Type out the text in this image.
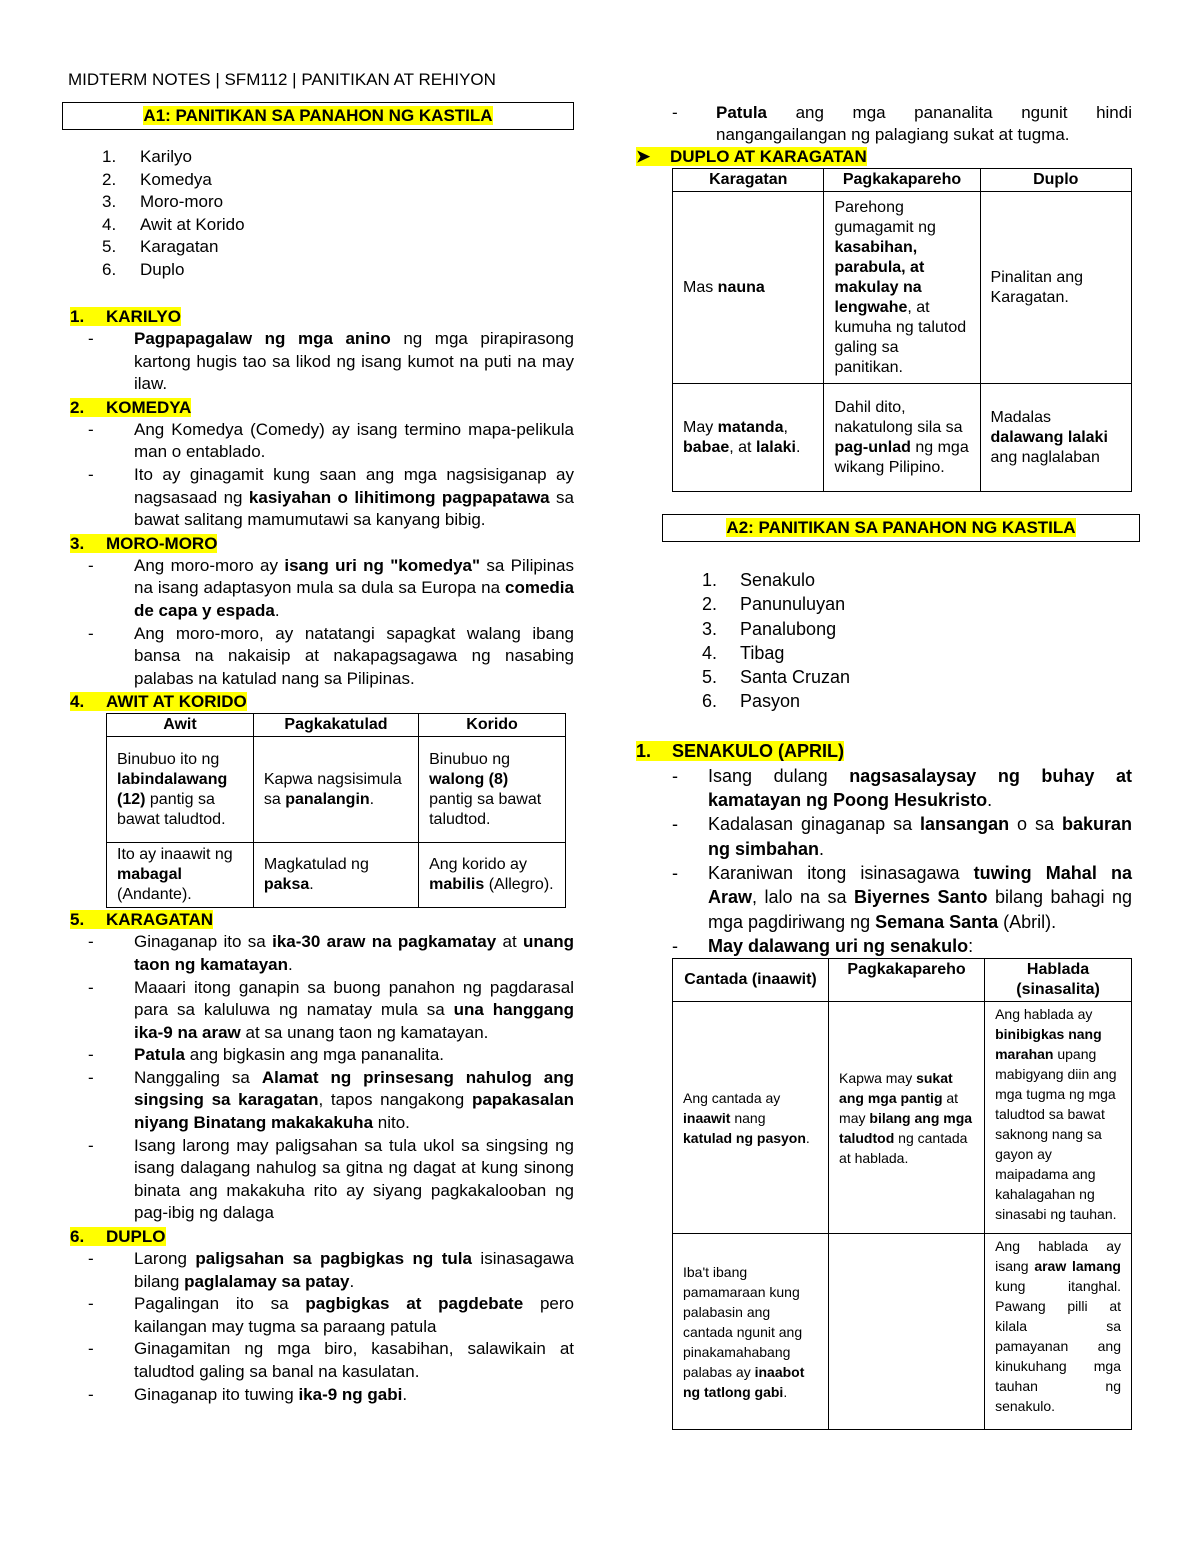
MIDTERM NOTES | SFM112 | PANITIKAN AT REHIYON
A1: PANITIKAN SA PANAHON NG KASTILA
1. Karilyo
2. Komedya
3. Moro-moro
4. Awit at Korido
5. Karagatan
6. Duplo
1. KARILYO
-	Pagpapagalaw ng mga anino ng mga pirapirasong kartong hugis tao sa likod ng isang kumot na puti na may ilaw.
2. KOMEDYA
-	Ang Komedya (Comedy) ay isang termino mapa-pelikula man o entablado.
-	Ito ay ginagamit kung saan ang mga nagsisiganap ay nagsasaad ng kasiyahan o lihitimong pagpapatawa sa bawat salitang mamumutawi sa kanyang bibig.
3. MORO-MORO
-	Ang moro-moro ay isang uri ng "komedya" sa Pilipinas na isang adaptasyon mula sa dula sa Europa na comedia de capa y espada.
-	Ang moro-moro, ay natatangi sapagkat walang ibang bansa na nakaisip at nakapagsagawa ng nasabing palabas na katulad nang sa Pilipinas.
4. AWIT AT KORIDO
Awit	Pagkakatulad	Korido
Binubuo ito ng labindalawang (12) pantig sa bawat taludtod.	Kapwa nagsisimula sa panalangin.	Binubuo ng walong (8) pantig sa bawat taludtod.
Ito ay inaawit ng mabagal (Andante).	Magkatulad ng paksa.	Ang korido ay mabilis (Allegro).
5. KARAGATAN
-	Ginaganap ito sa ika-30 araw na pagkamatay at unang taon ng kamatayan.
-	Maaari itong ganapin sa buong panahon ng pagdarasal para sa kaluluwa ng namatay mula sa una hanggang ika-9 na araw at sa unang taon ng kamatayan.
-	Patula ang bigkasin ang mga pananalita.
-	Nanggaling sa Alamat ng prinsesang nahulog ang singsing sa karagatan, tapos nangakong papakasalan niyang Binatang makakakuha nito.
-	Isang larong may paligsahan sa tula ukol sa singsing ng isang dalagang nahulog sa gitna ng dagat at kung sinong binata ang makakuha rito ay siyang pagkakalooban ng pag-ibig ng dalaga
6. DUPLO
-	Larong paligsahan sa pagbigkas ng tula isinasagawa bilang paglalamay sa patay.
-	Pagalingan ito sa pagbigkas at pagdebate pero kailangan may tugma sa paraang patula
-	Ginagamitan ng mga biro, kasabihan, salawikain at taludtod galing sa banal na kasulatan.
-	Ginaganap ito tuwing ika-9 ng gabi.
-	Patula ang mga pananalita ngunit hindi nangangailangan ng palagiang sukat at tugma.
➤ DUPLO AT KARAGATAN
Karagatan	Pagkakapareho	Duplo
Mas nauna	Parehong gumagamit ng kasabihan, parabula, at makulay na lengwahe, at kumuha ng talutod galing sa panitikan.	Pinalitan ang Karagatan.
May matanda, babae, at lalaki.	Dahil dito, nakatulong sila sa pag-unlad ng mga wikang Pilipino.	Madalas dalawang lalaki ang naglalaban
A2: PANITIKAN SA PANAHON NG KASTILA
1. Senakulo
2. Panunuluyan
3. Panalubong
4. Tibag
5. Santa Cruzan
6. Pasyon
1. SENAKULO (APRIL)
-	Isang dulang nagsasalaysay ng buhay at kamatayan ng Poong Hesukristo.
-	Kadalasan ginaganap sa lansangan o sa bakuran ng simbahan.
-	Karaniwan itong isinasagawa tuwing Mahal na Araw, lalo na sa Biyernes Santo bilang bahagi ng mga pagdiriwang ng Semana Santa (Abril).
-	May dalawang uri ng senakulo:
Cantada (inaawit)	Pagkakapareho	Hablada (sinasalita)
Ang cantada ay inaawit nang katulad ng pasyon.	Kapwa may sukat ang mga pantig at may bilang ang mga taludtod ng cantada at hablada.	Ang hablada ay binibigkas nang marahan upang mabigyang diin ang mga tugma ng mga taludtod sa bawat saknong nang sa gayon ay maipadama ang kahalagahan ng sinasabi ng tauhan.
Iba't ibang pamamaraan kung palabasin ang cantada ngunit ang pinakamahabang palabas ay inaabot ng tatlong gabi.		Ang hablada ay isang araw lamang kung itanghal. Pawang pilli at kilala sa pamayanan ang kinukuhang mga tauhan ng senakulo.
